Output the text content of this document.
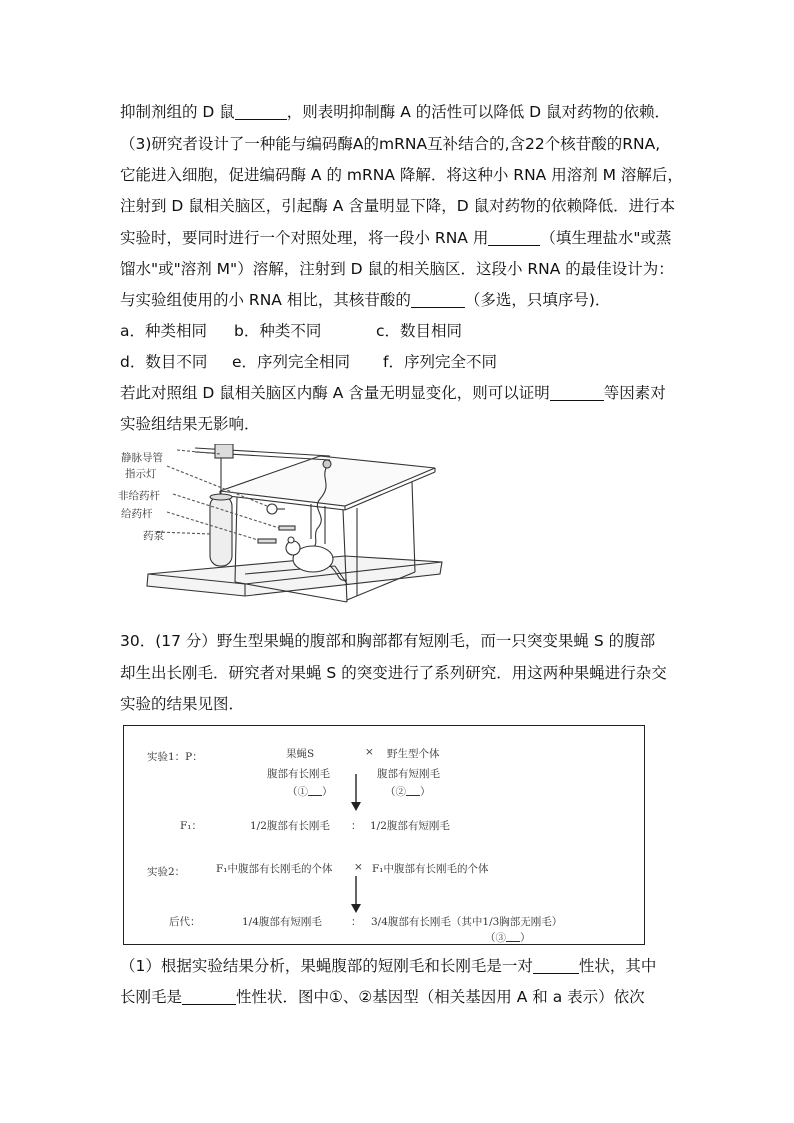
抑制剂组的 D 鼠	，则表明抑制酶 A 的活性可以降低 D 鼠对药物的依赖．
（3)研究者设计了一种能与编码酶A的mRNA互补结合的,含22个核苷酸的RNA,
它能进入细胞，促进编码酶 A 的 mRNA 降解．将这种小 RNA 用溶剂 M 溶解后，
注射到 D 鼠相关脑区，引起酶 A 含量明显下降，D 鼠对药物的依赖降低．进行本
实验时，要同时进行一个对照处理，将一段小 RNA 用	（填生理盐水"或蒸
馏水"或"溶剂 M"）溶解，注射到 D 鼠的相关脑区．这段小 RNA 的最佳设计为：
与实验组使用的小 RNA 相比，其核苷酸的	（多选，只填序号)．
a．种类相同 b．种类不同	c．数目相同
d．数目不同 e．序列完全相同 f．序列完全不同
若此对照组 D 鼠相关脑区内酶 A 含量无明显变化，则可以证明	等因素对
实验组结果无影响．
静脉导管
指示灯
非给药杆
给药杆
药泵
30．(17 分）野生型果蝇的腹部和胸部都有短刚毛，而一只突变果蝇 S 的腹部
却生出长刚毛．研究者对果蝇 S 的突变进行了系列研究．用这两种果蝇进行杂交
实验的结果见图．
实验1：P：	果蝇S	× 野生型个体
腹部有长刚毛	腹部有短刚毛
（① ）	（② ）
F₁：	1/2腹部有长刚毛 ： 1/2腹部有短刚毛
实验2：	F₁中腹部有长刚毛的个体 × F₁中腹部有长刚毛的个体
后代：	1/4腹部有短刚毛	： 3/4腹部有长刚毛（其中1/3胸部无刚毛）
（③ ）
（1）根据实验结果分析，果蝇腹部的短刚毛和长刚毛是一对	性状，其中
长刚毛是	性性状．图中①、②基因型（相关基因用 A 和 a 表示）依次
